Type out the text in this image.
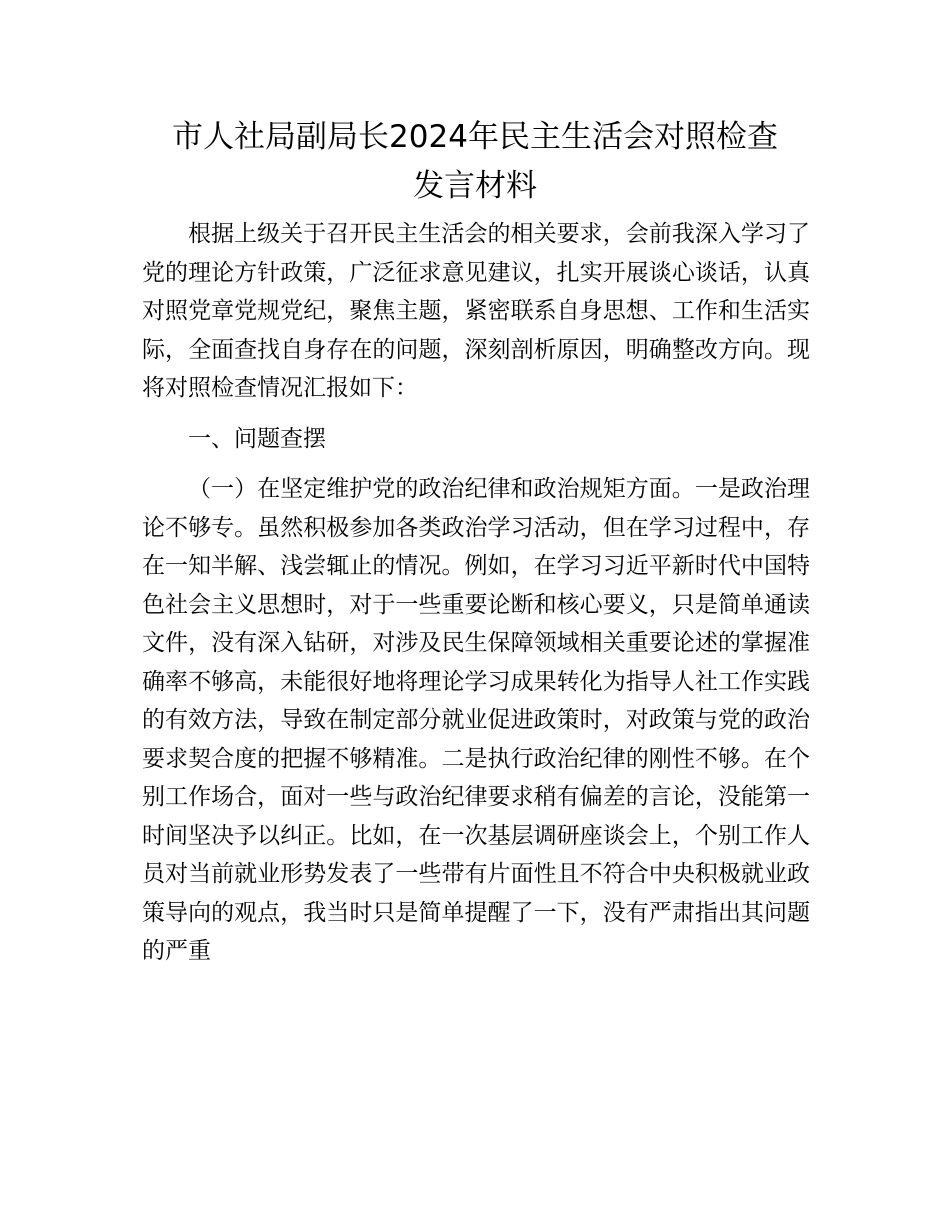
市人社局副局长2024年民主生活会对照检查
发言材料

根据上级关于召开民主生活会的相关要求，会前我深入学习了党的理论方针政策，广泛征求意见建议，扎实开展谈心谈话，认真对照党章党规党纪，聚焦主题，紧密联系自身思想、工作和生活实际，全面查找自身存在的问题，深刻剖析原因，明确整改方向。现将对照检查情况汇报如下：

一、问题查摆

（一）在坚定维护党的政治纪律和政治规矩方面。一是政治理论不够专。虽然积极参加各类政治学习活动，但在学习过程中，存在一知半解、浅尝辄止的情况。例如，在学习习近平新时代中国特色社会主义思想时，对于一些重要论断和核心要义，只是简单通读文件，没有深入钻研，对涉及民生保障领域相关重要论述的掌握准确率不够高，未能很好地将理论学习成果转化为指导人社工作实践的有效方法，导致在制定部分就业促进政策时，对政策与党的政治要求契合度的把握不够精准。二是执行政治纪律的刚性不够。在个别工作场合，面对一些与政治纪律要求稍有偏差的言论，没能第一时间坚决予以纠正。比如，在一次基层调研座谈会上，个别工作人员对当前就业形势发表了一些带有片面性且不符合中央积极就业政策导向的观点，我当时只是简单提醒了一下，没有严肃指出其问题的严重
